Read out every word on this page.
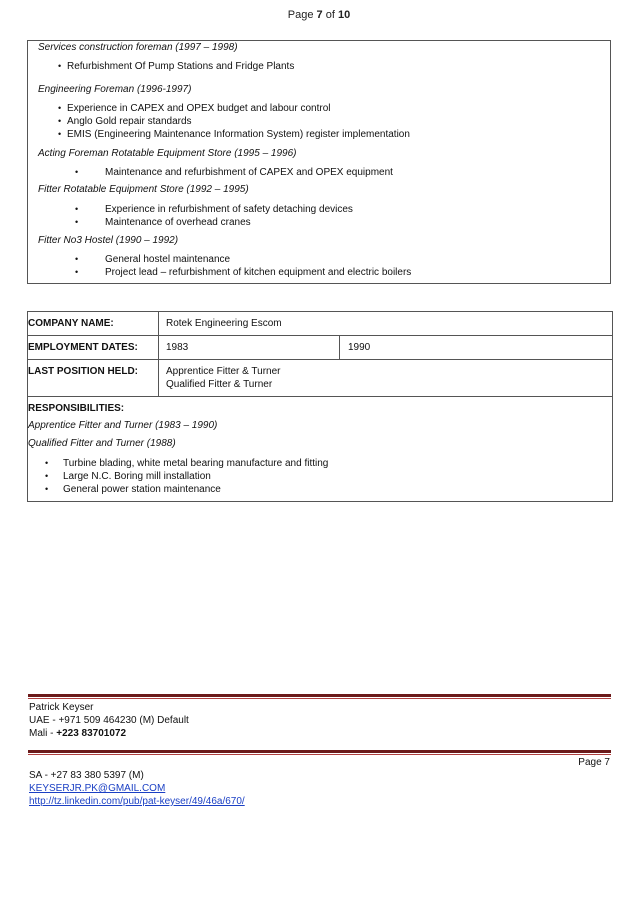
Page 7 of 10
Services construction foreman (1997 – 1998)
• Refurbishment Of Pump Stations and Fridge Plants
Engineering Foreman (1996-1997)
• Experience in CAPEX and OPEX budget and labour control
• Anglo Gold repair standards
• EMIS (Engineering Maintenance Information System) register implementation
Acting Foreman Rotatable Equipment Store (1995 – 1996)
•	Maintenance and refurbishment of CAPEX and OPEX equipment
Fitter Rotatable Equipment Store (1992 – 1995)
•	Experience in refurbishment of safety detaching devices
•	Maintenance of overhead cranes
Fitter No3 Hostel (1990 – 1992)
•	General hostel maintenance
•	Project lead – refurbishment of kitchen equipment and electric boilers
COMPANY NAME:	Rotek Engineering Escom
EMPLOYMENT DATES:	1983	1990
LAST POSITION HELD:	Apprentice Fitter & Turner
Qualified Fitter & Turner
RESPONSIBILITIES:
Apprentice Fitter and Turner (1983 – 1990)
Qualified Fitter and Turner (1988)
• Turbine blading, white metal bearing manufacture and fitting
• Large N.C. Boring mill installation
• General power station maintenance
Patrick Keyser
UAE - +971 509 464230 (M) Default
Mali - +223 83701072
Page 7
SA - +27 83 380 5397 (M)
KEYSERJR.PK@GMAIL.COM
http://tz.linkedin.com/pub/pat-keyser/49/46a/670/
